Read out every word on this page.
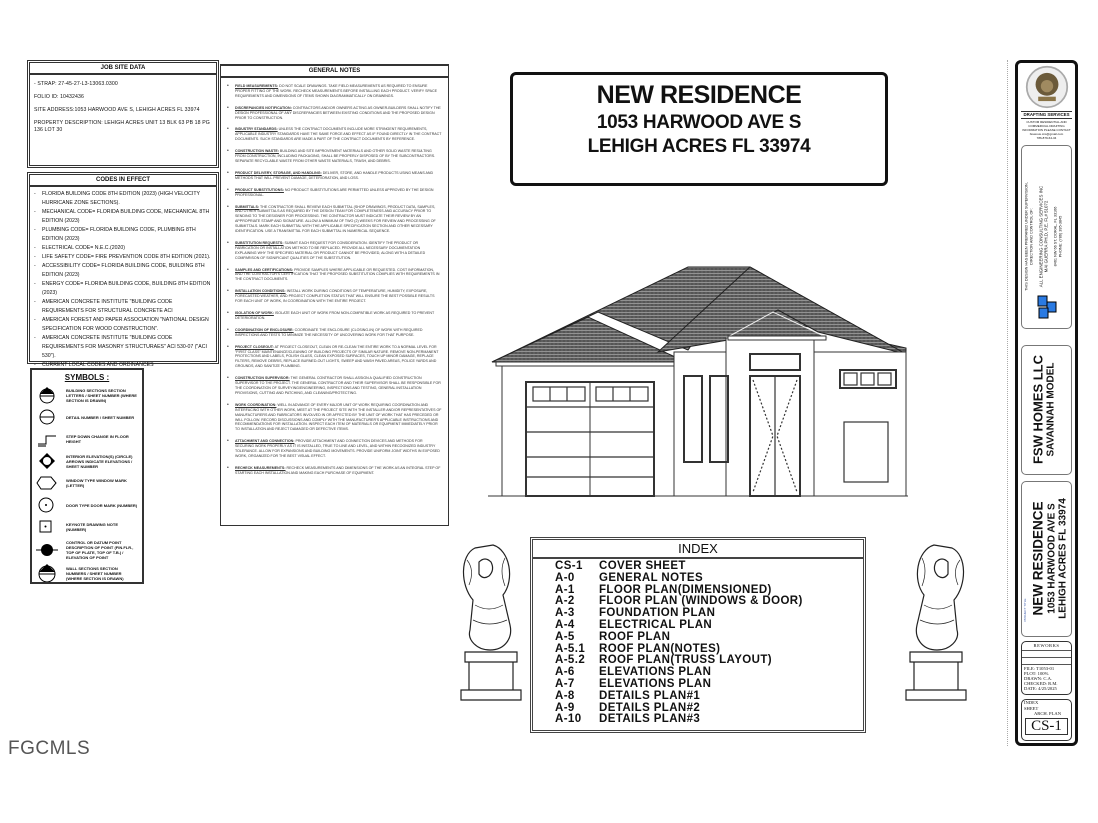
JOB SITE DATA
- STRAP: 27-45-27-L3-13063.0300
FOLIO ID: 10432436
SITE ADDRESS:1053 HARWOOD AVE S, LEHIGH ACRES FL 33974
PROPERTY DESCRIPTION: LEHIGH ACRES UNIT 13 BLK 63 PB 18 PG 136 LOT 30
CODES IN EFFECT
- FLORIDA BUILDING CODE 8TH EDITION (2023) (HIGH VELOCITY HURRICANE ZONE SECTIONS).
- MECHANICAL CODE= FLORIDA BUILDING CODE, MECHANICAL 8TH EDITION (2023)
- PLUMBING CODE= FLORIDA BUILDING CODE, PLUMBING 8TH EDITION (2023)
- ELECTRICAL CODE= N.E.C.(2020)
- LIFE SAFETY CODE= FIRE PREVENTION CODE 8TH EDITION (2021).
- ACCESSIBILITY CODE= FLORIDA BUILDING CODE, BUILDING 8TH EDITION (2023)
- ENERGY CODE= FLORIDA BUILDING CODE, BUILDING 8TH EDITION (2023)
- AMERICAN CONCRETE INSTITUTE "BUILDING CODE REQUIREMENTS FOR STRUCTURAL CONCRETE ACI
- AMERICAN FOREST AND PAPER ASSOCIATION "NATIONAL DESIGN SPECIFICATION FOR WOOD CONSTRUCTION".
- AMERICAN CONCRETE INSTITUTE "BUILDING CODE REQUIREMENTS FOR MASONRY STRUCTURAES" ACI 530-07 ("ACI 530").
- CURRENT LOCAL CODES AND ORDINANCES
SYMBOLS :
BUILDING SECTIONS SECTION LETTERS / SHEET NUMBER (WHERE SECTION IS DRAWN)
DETAIL NUMBER / SHEET NUMBER
STEP DOWN CHANGE IN FLOOR HEIGHT
INTERIOR ELEVATION(S) (CIRCLE) ARROWS INDICATE ELEVATIONS / SHEET NUMBER
WINDOW TYPE WINDOW MARK (LETTER)
DOOR TYPE DOOR MARK (NUMBER)
KEYNOTE DRAWING NOTE (NUMBER)
CONTROL OR DATUM POINT DESCRIPTION OF POINT (FIN.FLR., TOP OF PLATE, TOP OF T.B.) / ELEVATION OF POINT
WALL SECTIONS SECTION NUMBERS / SHEET NUMBER (WHERE SECTION IS DRAWN)
GENERAL NOTES
• FIELD MEASUREMENTS: DO NOT SCALE DRAWINGS. TAKE FIELD MEASUREMENTS AS REQUIRED TO ENSURE PROPER FITTING OF THE WORK. RECHECK MEASUREMENTS BEFORE INSTALLING EACH PRODUCT. VERIFY SPACE REQUIREMENTS AND DIMENSIONS OF ITEMS SHOWN DIAGRAMMATICALLY ON DRAWINGS.
• DISCREPANCIES NOTIFICATION: CONTRACTORS AND/OR OWNERS ACTING AS OWNER-BUILDERS SHALL NOTIFY THE DESIGN PROFESSIONAL OF ANY DISCREPANCIES BETWEEN EXISTING CONDITIONS AND THE PROPOSED DESIGN PRIOR TO CONSTRUCTION.
• INDUSTRY STANDARDS: UNLESS THE CONTRACT DOCUMENTS INCLUDE MORE STRINGENT REQUIREMENTS, APPLICABLE INDUSTRY STANDARDS HAVE THE SAME FORCE AND EFFECT AS IF FOUND DIRECTLY IN THE CONTRACT DOCUMENTS. SUCH STANDARDS ARE MADE A PART OF THE CONTRACT DOCUMENTS BY REFERENCE.
• CONSTRUCTION WASTE: BUILDING AND SITE IMPROVEMENT MATERIALS AND OTHER SOLID WASTE RESULTING FROM CONSTRUCTION, INCLUDING PACKAGING, SHALL BE PROPERLY DISPOSED OF BY THE SUBCONTRACTORS. SEPARATE RECYCLABLE WASTE FROM OTHER WASTE MATERIALS, TRASH, AND DEBRIS.
• PRODUCT DELIVERY, STORAGE, AND HANDLING: DELIVER, STORE, AND HANDLE PRODUCTS USING MEANS AND METHODS THAT WILL PREVENT DAMAGE, DETERIORATION, AND LOSS.
• PRODUCT SUBSTITUTIONS: NO PRODUCT SUBSTITUTIONS ARE PERMITTED UNLESS APPROVED BY THE DESIGN PROFESSIONAL.
• SUBMITTALS: THE CONTRACTOR SHALL REVIEW EACH SUBMITTAL (SHOP DRAWINGS, PRODUCT DATA, SAMPLES, AND OTHER SUBMITTALS AS REQUIRED BY THE DESIGN TEAM FOR COMPLETENESS AND ACCURACY PRIOR TO SENDING TO THE DESIGNER FOR PROCESSING. THE CONTRACTOR MUST INDICATE THEIR REVIEW BY AN APPROPRIATE STAMP AND SIGNATURE. ALLOW A MINIMUM OF TWO (2) WEEKS FOR REVIEW AND PROCESSING OF SUBMITTALS. MARK EACH SUBMITTAL WITH THE APPLICABLE SPECIFICATION SECTION AND OTHER NECESSARY IDENTIFICATION. USE A TRANSMITTAL FOR EACH SUBMITTAL IN NUMERICAL SEQUENCE.
• SUBSTITUTION REQUESTS: SUBMIT EACH REQUEST FOR CONSIDERATION. IDENTIFY THE PRODUCT OR FABRICATION OR INSTALLATION METHOD TO BE REPLACED. PROVIDE ALL NECESSARY DOCUMENTATION EXPLAINING WHY THE SPECIFIED MATERIAL OR PRODUCT CANNOT BE PROVIDED, ALONG WITH A DETAILED COMPARISON OF SIGNIFICANT QUALITIES OF THE SUBSTITUTION.
• SAMPLES AND CERTIFICATIONS: PROVIDE SAMPLES WHERE APPLICABLE OR REQUESTED. COST INFORMATION, AND THE CONTRACTOR'S CERTIFICATION THAT THE PROPOSED SUBSTITUTION COMPLIES WITH REQUIREMENTS IN THE CONTRACT DOCUMENTS.
• INSTALLATION CONDITIONS: INSTALL WORK DURING CONDITIONS OF TEMPERATURE, HUMIDITY, EXPOSURE, FORECASTED WEATHER, AND PROJECT COMPLETION STATUS THAT WILL ENSURE THE BEST POSSIBLE RESULTS FOR EACH UNIT OF WORK, IN COORDINATION WITH THE ENTIRE PROJECT.
• ISOLATION OF WORK: ISOLATE EACH UNIT OF WORK FROM NON-COMPATIBLE WORK AS REQUIRED TO PREVENT DETERIORATION.
• COORDINATION OF ENCLOSURE: COORDINATE THE ENCLOSURE (CLOSING-IN) OF WORK WITH REQUIRED INSPECTIONS AND TESTS TO MINIMIZE THE NECESSITY OF UNCOVERING WORK FOR THAT PURPOSE.
• PROJECT CLOSEOUT: AT PROJECT CLOSEOUT, CLEAN OR RE-CLEAN THE ENTIRE WORK TO A NORMAL LEVEL FOR "FIRST CLASS" MAINTENANCE/CLEANING OF BUILDING PROJECTS OF SIMILAR NATURE. REMOVE NON-PERMANENT PROTECTIONS AND LABELS, POLISH GLASS, CLEAN EXPOSED SURFACES, TOUCH UP MINOR DAMAGE, REPLACE FILTERS, REMOVE DEBRIS, REPLACE BURNED-OUT LIGHTS, SWEEP AND WASH PAVED AREAS, POLICE YARDS AND GROUNDS, AND SANITIZE PLUMBING.
• CONSTRUCTION SUPERVISOR: THE GENERAL CONTRACTOR SHALL ASSIGN A QUALIFIED CONSTRUCTION SUPERVISOR TO THE PROJECT. THE GENERAL CONTRACTOR AND THEIR SUPERVISOR SHALL BE RESPONSIBLE FOR THE COORDINATION OF SURVEYING/ENGINEERING, INSPECTIONS AND TESTING, GENERAL INSTALLATION PROVISIONS, CUTTING AND PATCHING, AND CLEANING/PROTECTING.
• WORK COORDINATION: WELL IN ADVANCE OF EVERY MAJOR UNIT OF WORK REQUIRING COORDINATION AND INTERFACING WITH OTHER WORK, MEET AT THE PROJECT SITE WITH THE INSTALLER AND/OR REPRESENTATIVES OF MANUFACTURERS AND FABRICATORS INVOLVED IN OR AFFECTED BY THE UNIT OF WORK THAT HAS PRECEDED OR WILL FOLLOW. RECORD DISCUSSIONS AND COMPLY WITH THE MANUFACTURER'S APPLICABLE INSTRUCTIONS AND RECOMMENDATIONS FOR INSTALLATION. INSPECT EACH ITEM OF MATERIALS OR EQUIPMENT IMMEDIATELY PRIOR TO INSTALLATION AND REJECT DAMAGED OR DEFECTIVE ITEMS.
• ATTACHMENT AND CONNECTION: PROVIDE ATTACHMENT AND CONNECTION DEVICES AND METHODS FOR SECURING WORK PROPERLY AS IT IS INSTALLED, TRUE TO LINE AND LEVEL, AND WITHIN RECOGNIZED INDUSTRY TOLERANCE. ALLOW FOR EXPANSIONS AND BUILDING MOVEMENTS. PROVIDE UNIFORM JOINT WIDTHS IN EXPOSED WORK, ORGANIZED FOR THE BEST VISUAL EFFECT.
• RECHECK MEASUREMENTS: RECHECK MEASUREMENTS AND DIMENSIONS OF THE WORK AS AN INTEGRAL STEP OF STARTING EACH INSTALLATION AND MAKING EACH PURCHASE OF EQUIPMENT.
NEW RESIDENCE
1053 HARWOOD AVE S
LEHIGH ACRES FL 33974
INDEX
CS-1	COVER SHEET
A-0	GENERAL NOTES
A-1	FLOOR PLAN(DIMENSIONED)
A-2	FLOOR PLAN (WINDOWS & DOOR)
A-3	FOUNDATION PLAN
A-4	ELECTRICAL PLAN
A-5	ROOF PLAN
A-5.1	ROOF PLAN(NOTES)
A-5.2	ROOF PLAN(TRUSS LAYOUT)
A-6	ELEVATIONS PLAN
A-7	ELEVATIONS PLAN
A-8	DETAILS PLAN#1
A-9	DETAILS PLAN#2
A-10	DETAILS PLAN#3
DRAFTING SERVICES
CUSTOM RESIDENTIAL AND
COMMERCIAL DRAFTING
INFORMATION PLEASE CONTACT
brewous.cns@gmail.com
786-879-64-34
THIS DESIGN HAS BEEN PREPARED UNDER SUPERVISION, DIRECTION AND CONTROL OF: ALL ENGINEERING CONSULTING SERVICES INC MAI GUERRA PH.D, P.E. FL# 51072 8461 NW 66 ST, DORAL, FL 33166 PHONE: (786) 395-3845
FSW HOMES LLC SAVANNAH MODEL
NEW RESIDENCE 1053 HARWOOD AVE S LEHIGH ACRES FL 33974
PROJECT TITLE
REWORKS
FILE: T1053-01
PLOT: 100%
DRAWN: C.A.
CHECKED: R.M.
DATE: 4/25/2025
INDEX
SHEET
ARCH. PLAN
CS-1
FGCMLS
